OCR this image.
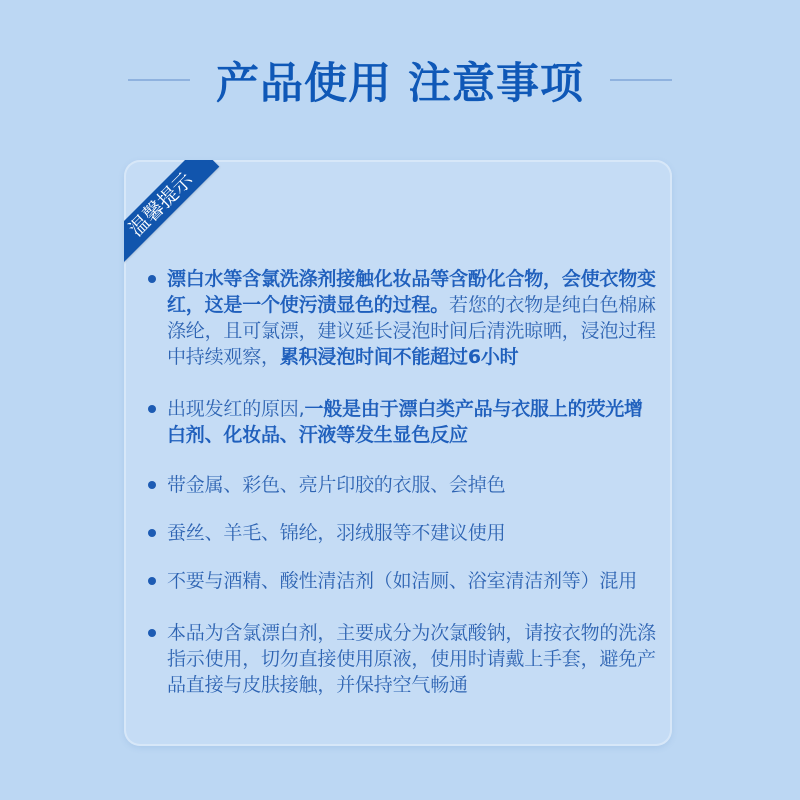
产品使用 注意事项
温馨提示
漂白水等含氯洗涤剂接触化妆品等含酚化合物，会使衣物变红，这是一个使污渍显色的过程。若您的衣物是纯白色棉麻涤纶，且可氯漂，建议延长浸泡时间后清洗晾晒，浸泡过程中持续观察，累积浸泡时间不能超过6小时
出现发红的原因,一般是由于漂白类产品与衣服上的荧光增白剂、化妆品、汗液等发生显色反应
带金属、彩色、亮片印胶的衣服、会掉色
蚕丝、羊毛、锦纶，羽绒服等不建议使用
不要与酒精、酸性清洁剂（如洁厕、浴室清洁剂等）混用
本品为含氯漂白剂，主要成分为次氯酸钠，请按衣物的洗涤指示使用，切勿直接使用原液，使用时请戴上手套，避免产品直接与皮肤接触，并保持空气畅通
